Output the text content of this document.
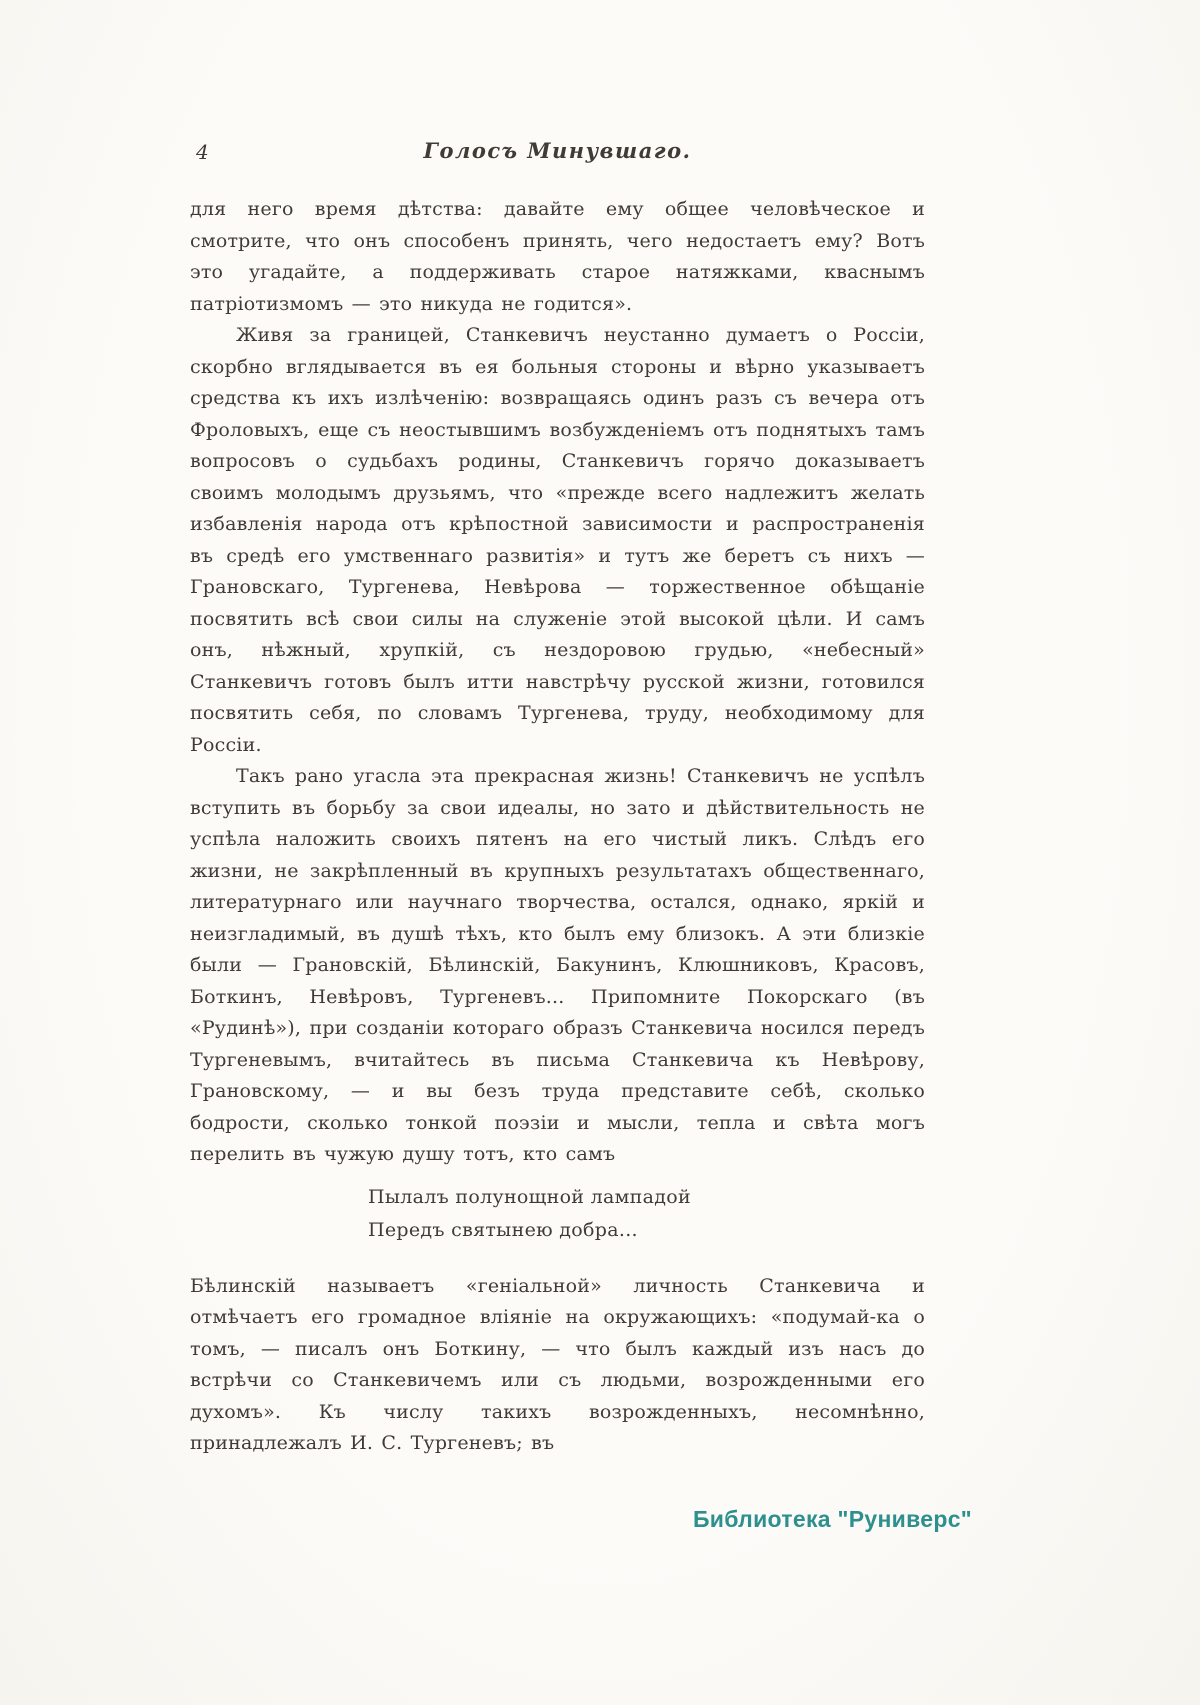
4	Голосъ Минувшаго.

для него время дѣтства: давайте ему общее человѣческое и смотрите, что онъ способенъ принять, чего недостаетъ ему? Вотъ это угадайте, а поддерживать старое натяжками, кваснымъ патріотизмомъ — это никуда не годится».

Живя за границей, Станкевичъ неустанно думаетъ о Россіи, скорбно вглядывается въ ея больныя стороны и вѣрно указываетъ средства къ ихъ излѣченію: возвращаясь одинъ разъ съ вечера отъ Фроловыхъ, еще съ неостывшимъ возбужденіемъ отъ поднятыхъ тамъ вопросовъ о судьбахъ родины, Станкевичъ горячо доказываетъ своимъ молодымъ друзьямъ, что «прежде всего надлежитъ желать избавленія народа отъ крѣпостной зависимости и распространенія въ средѣ его умственнаго развитія» и тутъ же беретъ съ нихъ — Грановскаго, Тургенева, Невѣрова — торжественное обѣщаніе посвятить всѣ свои силы на служеніе этой высокой цѣли. И самъ онъ, нѣжный, хрупкій, съ нездоровою грудью, «небесный» Станкевичъ готовъ былъ итти навстрѣчу русской жизни, готовился посвятить себя, по словамъ Тургенева, труду, необходимому для Россіи.

Такъ рано угасла эта прекрасная жизнь! Станкевичъ не успѣлъ вступить въ борьбу за свои идеалы, но зато и дѣйствительность не успѣла наложить своихъ пятенъ на его чистый ликъ. Слѣдъ его жизни, не закрѣпленный въ крупныхъ результатахъ общественнаго, литературнаго или научнаго творчества, остался, однако, яркій и неизгладимый, въ душѣ тѣхъ, кто былъ ему близокъ. А эти близкіе были — Грановскій, Бѣлинскій, Бакунинъ, Клюшниковъ, Красовъ, Боткинъ, Невѣровъ, Тургеневъ... Припомните Покорскаго (въ «Рудинѣ»), при созданіи котораго образъ Станкевича носился передъ Тургеневымъ, вчитайтесь въ письма Станкевича къ Невѣрову, Грановскому, — и вы безъ труда представите себѣ, сколько бодрости, сколько тонкой поэзіи и мысли, тепла и свѣта могъ перелить въ чужую душу тотъ, кто самъ

Пылалъ полунощной лампадой
Передъ святынею добра...

Бѣлинскій называетъ «геніальной» личность Станкевича и отмѣчаетъ его громадное вліяніе на окружающихъ: «подумай-ка о томъ, — писалъ онъ Боткину, — что былъ каждый изъ насъ до встрѣчи со Станкевичемъ или съ людьми, возрожденными его духомъ». Къ числу такихъ возрожденныхъ, несомнѣнно, принадлежалъ И. С. Тургеневъ; въ

Библиотека "Руниверс"
